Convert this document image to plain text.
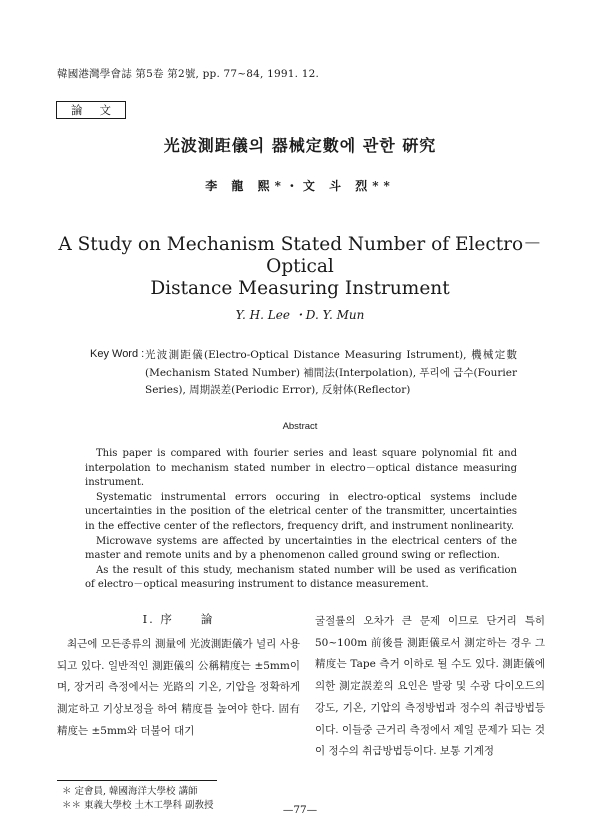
韓國港灣學會誌 第5卷 第2號, pp. 77~84, 1991. 12.
論 文
光波測距儀의 器械定數에 관한 硏究
李 龍 熙*・文 斗 烈**
A Study on Mechanism Stated Number of Electro－Optical
Distance Measuring Instrument
Y. H. Lee ・D. Y. Mun
Key Word : 光波測距儀(Electro-Optical Distance Measuring Istrument), 機械定數(Mechanism Stated Number) 補間法(Interpolation), 푸리에 급수(Fourier Series), 周期誤差(Periodic Error), 反射体(Reflector)
Abstract

This paper is compared with fourier series and least square polynomial fit and interpolation to mechanism stated number in electro－optical distance measuring instrument.

Systematic instrumental errors occuring in electro-optical systems include uncertainties in the position of the eletrical center of the transmitter, uncertainties in the effective center of the reflectors, frequency drift, and instrument nonlinearity.

Microwave systems are affected by uncertainties in the electrical centers of the master and remote units and by a phenomenon called ground swing or reflection.

As the result of this study, mechanism stated number will be used as verification of electro－optical measuring instrument to distance measurement.

Ⅰ. 序　　論
최근에 모든종류의 測量에 光波測距儀가 널리 사용되고 있다. 일반적인 測距儀의 公稱精度는 ±5mm이며, 장거리 측정에서는 光路의 기온, 기압을 정확하게 測定하고 기상보정을 하여 精度를 높여야 한다. 固有精度는 ±5mm와 더불어 대기
굴절률의 오차가 큰 문제 이므로 단거리 특히 50~100m 前後를 測距儀로서 測定하는 경우 그 精度는 Tape 측거 이하로 될 수도 있다. 測距儀에 의한 測定誤差의 요인은 발광 및 수광 다이오드의 강도, 기온, 기압의 측정방법과 정수의 취급방법등이다. 이들중 근거리 측정에서 제일 문제가 되는 것이 정수의 취급방법등이다. 보통 기계정
＊ 定會員, 韓國海洋大學校 講師
＊＊ 東義大學校 土木工學科 副敎授	—77—
